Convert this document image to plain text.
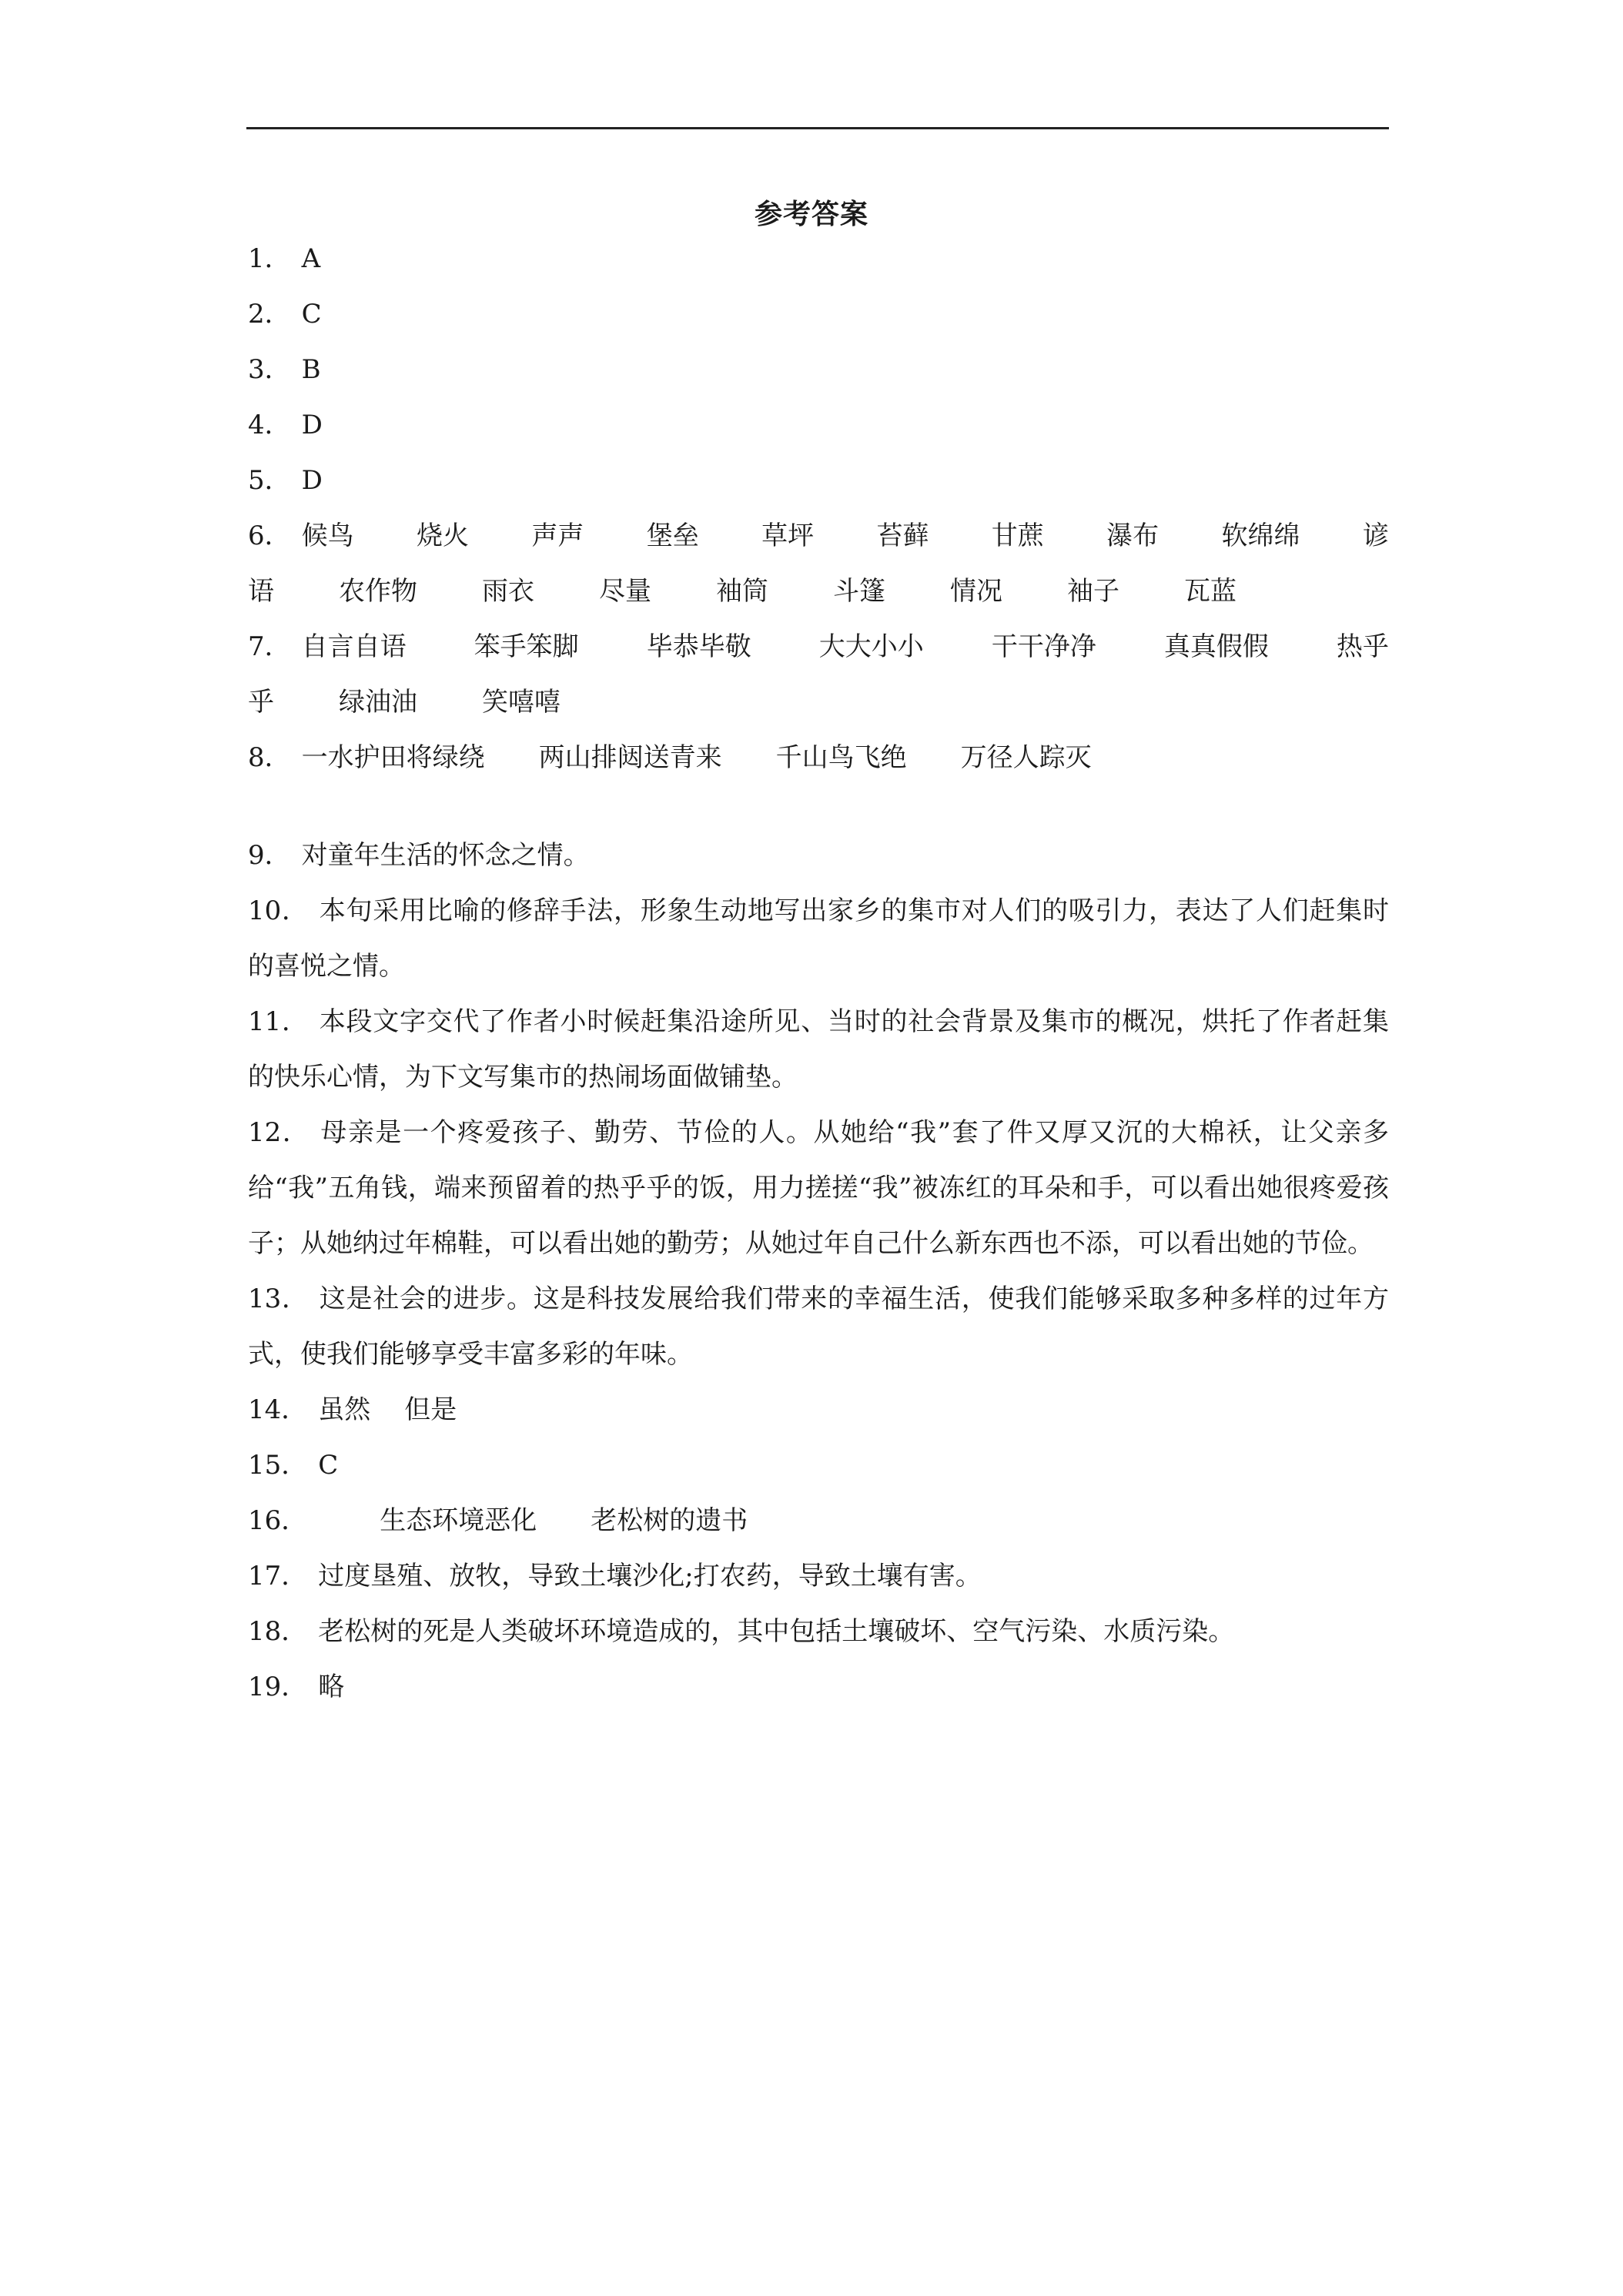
参考答案

1． A

2． C

3． B

4． D

5． D

6． 候鸟 烧火 声声 堡垒 草坪 苔藓 甘蔗 瀑布 软绵绵 谚
语 农作物 雨衣 尽量 袖筒 斗篷 情况 袖子 瓦蓝
7． 自言自语	笨手笨脚	毕恭毕敬	大大小小	干干净净	真真假假	热乎
乎 绿油油 笑嘻嘻

8． 一水护田将绿绕 两山排闼送青来 千山鸟飞绝 万径人踪灭

9． 对童年生活的怀念之情。

10． 本句采用比喻的修辞手法，形象生动地写出家乡的集市对人们的吸引力，表达了人们赶集时的喜悦之情。

11． 本段文字交代了作者小时候赶集沿途所见、当时的社会背景及集市的概况，烘托了作者赶集的快乐心情，为下文写集市的热闹场面做铺垫。

12． 母亲是一个疼爱孩子、勤劳、节俭的人。从她给“我”套了件又厚又沉的大棉袄，让父亲多给“我”五角钱，端来预留着的热乎乎的饭，用力搓搓“我”被冻红的耳朵和手，可以看出她很疼爱孩子；从她纳过年棉鞋，可以看出她的勤劳；从她过年自己什么新东西也不添，可以看出她的节俭。

13． 这是社会的进步。这是科技发展给我们带来的幸福生活，使我们能够采取多种多样的过年方式，使我们能够享受丰富多彩的年味。

14． 虽然 但是

15． C

16．	生态环境恶化 老松树的遗书

17． 过度垦殖、放牧，导致土壤沙化;打农药，导致土壤有害。

18． 老松树的死是人类破坏环境造成的，其中包括土壤破坏、空气污染、水质污染。

19． 略
